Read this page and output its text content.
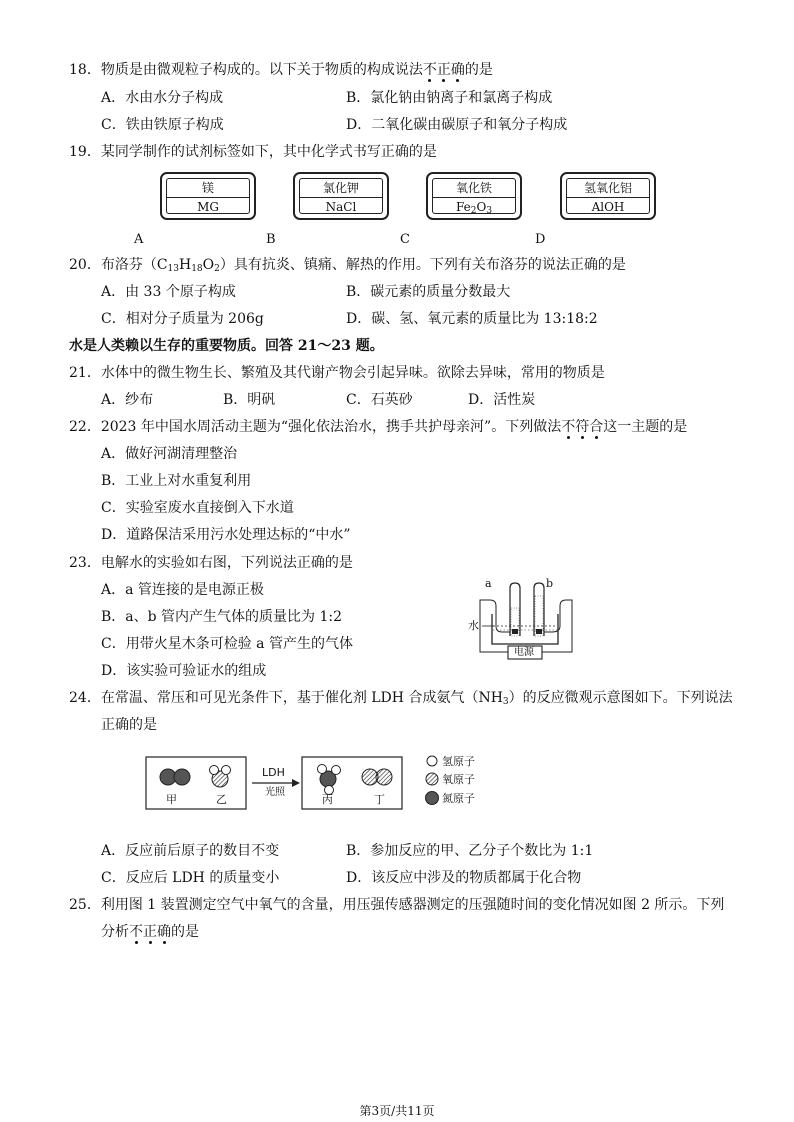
18．物质是由微观粒子构成的。以下关于物质的构成说法不正确的是
A．水由水分子构成	B．氯化钠由钠离子和氯离子构成
C．铁由铁原子构成	D．二氧化碳由碳原子和氧分子构成
19．某同学制作的试剂标签如下，其中化学式书写正确的是
镁
MG
氯化钾
NaCl
氧化铁
$Fe_2O_3$
氢氧化铝
AlOH
A	B	C	D
20．布洛芬$(C_{13}H_{18}O_2)$具有抗炎、镇痛、解热的作用。下列有关布洛芬的说法正确的是
A．由 33 个原子构成	B．碳元素的质量分数最大
C．相对分子质量为 206g	D．碳、氢、氧元素的质量比为 13:18:2
水是人类赖以生存的重要物质。回答 21～23 题。
21．水体中的微生物生长、繁殖及其代谢产物会引起异味。欲除去异味，常用的物质是
A．纱布	B．明矾	C．石英砂	D．活性炭
22．2023 年中国水周活动主题为“强化依法治水，携手共护母亲河”。下列做法不符合这一主题的是
A．做好河湖清理整治
B．工业上对水重复利用
C．实验室废水直接倒入下水道
D．道路保洁采用污水处理达标的“中水”
23．电解水的实验如右图，下列说法正确的是
A．a 管连接的是电源正极
B．a、b 管内产生气体的质量比为 1:2
C．用带火星木条可检验 a 管产生的气体
D．该实验可验证水的组成
a	b
水
电源
24．在常温、常压和可见光条件下，基于催化剂 LDH 合成氨气$(NH_3)$的反应微观示意图如下。下列说法
正确的是
甲	乙	丙	丁
LDH
光照
氢原子
氧原子
氮原子
A．反应前后原子的数目不变	B．参加反应的甲、乙分子个数比为 1:1
C．反应后 LDH 的质量变小	D．该反应中涉及的物质都属于化合物
25．利用图 1 装置测定空气中氧气的含量，用压强传感器测定的压强随时间的变化情况如图 2 所示。下列
分析不正确的是
第3页/共11页
